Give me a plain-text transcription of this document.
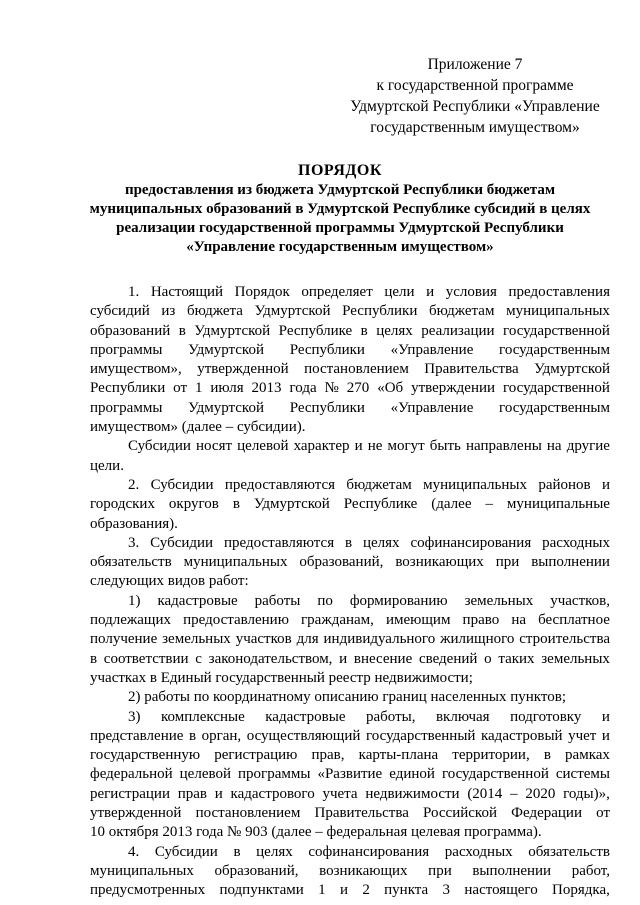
Приложение 7
к государственной программе
Удмуртской Республики «Управление
государственным имуществом»
ПОРЯДОК
предоставления из бюджета Удмуртской Республики бюджетам
муниципальных образований в Удмуртской Республике субсидий в целях
реализации государственной программы Удмуртской Республики
«Управление государственным имуществом»
1. Настоящий Порядок определяет цели и условия предоставления
субсидий из бюджета Удмуртской Республики бюджетам муниципальных
образований в Удмуртской Республике в целях реализации государственной
программы Удмуртской Республики «Управление государственным
имуществом», утвержденной постановлением Правительства Удмуртской
Республики от 1 июля 2013 года № 270 «Об утверждении государственной
программы Удмуртской Республики «Управление государственным
имуществом» (далее – субсидии).
Субсидии носят целевой характер и не могут быть направлены на другие
цели.
2. Субсидии предоставляются бюджетам муниципальных районов и
городских округов в Удмуртской Республике (далее – муниципальные
образования).
3. Субсидии предоставляются в целях софинансирования расходных
обязательств муниципальных образований, возникающих при выполнении
следующих видов работ:
1) кадастровые работы по формированию земельных участков,
подлежащих предоставлению гражданам, имеющим право на бесплатное
получение земельных участков для индивидуального жилищного строительства
в соответствии с законодательством, и внесение сведений о таких земельных
участках в Единый государственный реестр недвижимости;
2) работы по координатному описанию границ населенных пунктов;
3) комплексные кадастровые работы, включая подготовку и
представление в орган, осуществляющий государственный кадастровый учет и
государственную регистрацию прав, карты-плана территории, в рамках
федеральной целевой программы «Развитие единой государственной системы
регистрации прав и кадастрового учета недвижимости (2014 – 2020 годы)»,
утвержденной постановлением Правительства Российской Федерации от
10 октября 2013 года № 903 (далее – федеральная целевая программа).
4. Субсидии в целях софинансирования расходных обязательств
муниципальных образований, возникающих при выполнении работ,
предусмотренных подпунктами 1 и 2 пункта 3 настоящего Порядка,
